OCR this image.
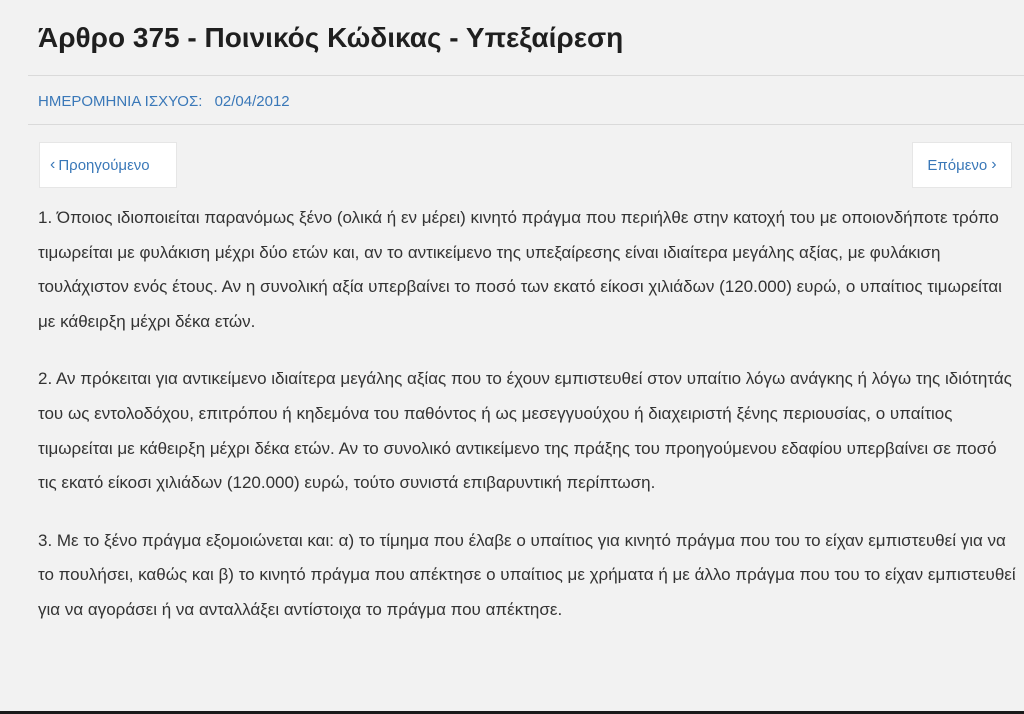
Άρθρο 375 - Ποινικός Κώδικας - Υπεξαίρεση
ΗΜΕΡΟΜΗΝΙΑ ΙΣΧΥΟΣ: 02/04/2012
‹ Προηγούμενο	Επόμενο ›

1. Όποιος ιδιοποιείται παρανόμως ξένο (ολικά ή εν μέρει) κινητό πράγμα που περιήλθε στην κατοχή του με οποιονδήποτε τρόπο τιμωρείται με φυλάκιση μέχρι δύο ετών και, αν το αντικείμενο της υπεξαίρεσης είναι ιδιαίτερα μεγάλης αξίας, με φυλάκιση τουλάχιστον ενός έτους. Αν η συνολική αξία υπερβαίνει το ποσό των εκατό είκοσι χιλιάδων (120.000) ευρώ, ο υπαίτιος τιμωρείται με κάθειρξη μέχρι δέκα ετών.

2. Αν πρόκειται για αντικείμενο ιδιαίτερα μεγάλης αξίας που το έχουν εμπιστευθεί στον υπαίτιο λόγω ανάγκης ή λόγω της ιδιότητάς του ως εντολοδόχου, επιτρόπου ή κηδεμόνα του παθόντος ή ως μεσεγγυούχου ή διαχειριστή ξένης περιουσίας, ο υπαίτιος τιμωρείται με κάθειρξη μέχρι δέκα ετών. Αν το συνολικό αντικείμενο της πράξης του προηγούμενου εδαφίου υπερβαίνει σε ποσό τις εκατό είκοσι χιλιάδων (120.000) ευρώ, τούτο συνιστά επιβαρυντική περίπτωση.

3. Με το ξένο πράγμα εξομοιώνεται και: α) το τίμημα που έλαβε ο υπαίτιος για κινητό πράγμα που του το είχαν εμπιστευθεί για να το πουλήσει, καθώς και β) το κινητό πράγμα που απέκτησε ο υπαίτιος με χρήματα ή με άλλο πράγμα που του το είχαν εμπιστευθεί για να αγοράσει ή να ανταλλάξει αντίστοιχα το πράγμα που απέκτησε.
